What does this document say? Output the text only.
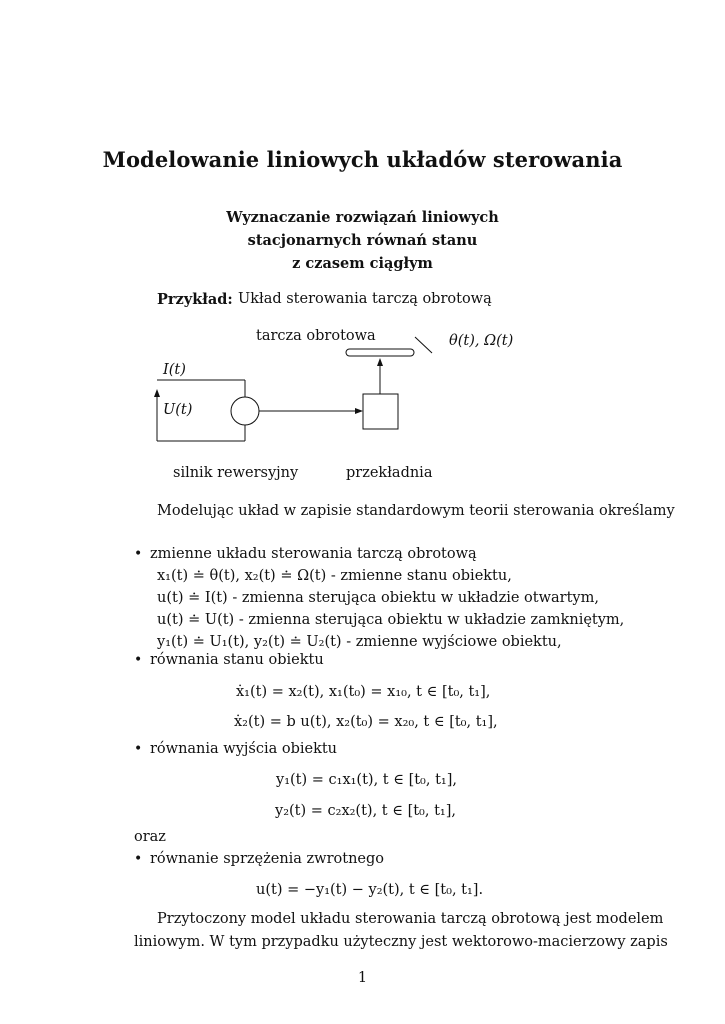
Modelowanie liniowych układów sterowania
Wyznaczanie rozwiązań liniowych
stacjonarnych równań stanu
z czasem ciągłym
Przykład: Układ sterowania tarczą obrotową
tarcza obrotowa	θ(t), Ω(t)
I(t)
U(t)
silnik rewersyjny	przekładnia
Modelując układ w zapisie standardowym teorii sterowania określamy
• zmienne układu sterowania tarczą obrotową
x₁(t) ≐ θ(t), x₂(t) ≐ Ω(t) - zmienne stanu obiektu,
u(t) ≐ I(t) - zmienna sterująca obiektu w układzie otwartym,
u(t) ≐ U(t) - zmienna sterująca obiektu w układzie zamkniętym,
y₁(t) ≐ U₁(t), y₂(t) ≐ U₂(t) - zmienne wyjściowe obiektu,
• równania stanu obiektu
ẋ₁(t) = x₂(t), x₁(t₀) = x₁₀, t ∈ [t₀, t₁],
ẋ₂(t) = b u(t), x₂(t₀) = x₂₀, t ∈ [t₀, t₁],
• równania wyjścia obiektu
y₁(t) = c₁x₁(t), t ∈ [t₀, t₁],
y₂(t) = c₂x₂(t), t ∈ [t₀, t₁],
oraz
• równanie sprzężenia zwrotnego
u(t) = −y₁(t) − y₂(t), t ∈ [t₀, t₁].
Przytoczony model układu sterowania tarczą obrotową jest modelem
liniowym. W tym przypadku użyteczny jest wektorowo-macierzowy zapis
1
